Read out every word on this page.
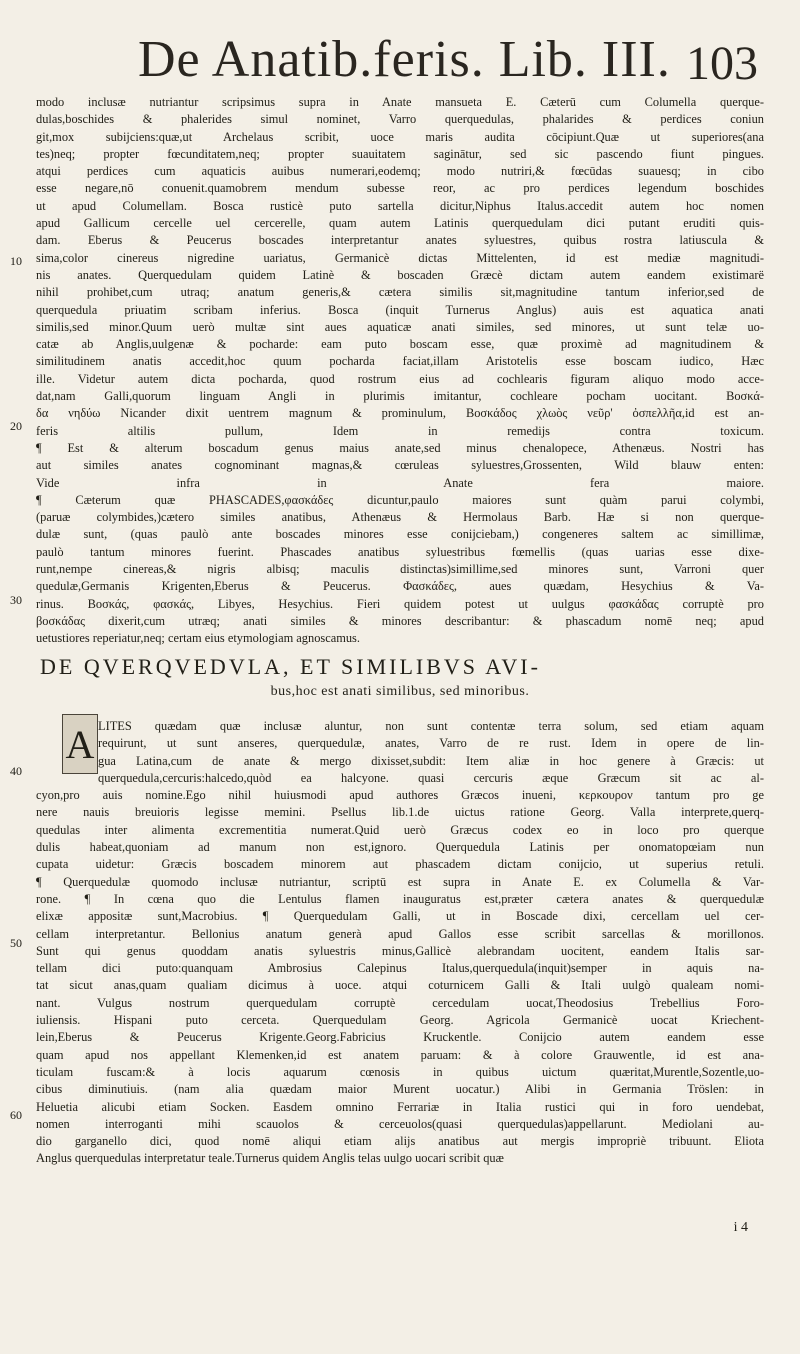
De Anatib.feris. Lib. III. 103
10
20
30
40
50
60
modo inclusæ nutriantur scripsimus supra in Anate mansueta E. Cæterū cum Columella querque-
dulas,boschides & phalerides simul nominet, Varro querquedulas, phalarides & perdices coniun
git,mox subijciens:quæ,ut Archelaus scribit, uoce maris audita cōcipiunt.Quæ ut superiores(ana
tes)neq; propter fœcunditatem,neq; propter suauitatem saginātur, sed sic pascendo fiunt pingues.
atqui perdices cum aquaticis auibus numerari,eodemq; modo nutriri,& fœcūdas suauesq; in cibo
esse negare,nō conuenit.quamobrem mendum subesse reor, ac pro perdices legendum boschides
ut apud Columellam. Bosca rusticè puto sartella dicitur,Niphus Italus.accedit autem hoc nomen
apud Gallicum cercelle uel cercerelle, quam autem Latinis querquedulam dici putant eruditi quis-
dam. Eberus & Peucerus boscades interpretantur anates syluestres, quibus rostra latiuscula &
sima,color cinereus nigredine uariatus, Germanicè dictas Mittelenten, id est mediæ magnitudi-
nis anates. Querquedulam quidem Latinè & boscaden Græcè dictam autem eandem existimarë
nihil prohibet,cum utraq; anatum generis,& cætera similis sit,magnitudine tantum inferior,sed de
querquedula priuatim scribam inferius. Bosca (inquit Turnerus Anglus) auis est aquatica anati
similis,sed minor.Quum uerò multæ sint aues aquaticæ anati similes, sed minores, ut sunt telæ uo-
catæ ab Anglis,uulgenæ & pocharde: eam puto boscam esse, quæ proximè ad magnitudinem &
similitudinem anatis accedit,hoc quum pocharda faciat,illam Aristotelis esse boscam iudico, Hæc
ille. Videtur autem dicta pocharda, quod rostrum eius ad cochlearis figuram aliquo modo acce-
dat,nam Galli,quorum linguam Angli in plurimis imitantur, cochleare pocham uocitant. Βοσκά-
δα νηδύω Nicander dixit uentrem magnum & prominulum, Βοσκάδος χλωὸς νεῦρ' ὀσπελλῆα,id est an-
feris altilis pullum, Idem in remedijs contra toxicum.
¶ Est & alterum boscadum genus maius anate,sed minus chenalopece, Athenæus. Nostri has
aut similes anates cognominant magnas,& cœruleas syluestres,Grossenten, Wild blauw enten:
Vide infra in Anate fera maiore.
¶ Cæterum quæ PHASCADES,φασκάδες dicuntur,paulo maiores sunt quàm parui colymbi,
(paruæ colymbides,)cætero similes anatibus, Athenæus & Hermolaus Barb. Hæ si non querque-
dulæ sunt, (quas paulò ante boscades minores esse conijciebam,) congeneres saltem ac simillimæ,
paulò tantum minores fuerint. Phascades anatibus syluestribus fœmellis (quas uarias esse dixe-
runt,nempe cinereas,& nigris albisq; maculis distinctas)simillime,sed minores sunt, Varroni quer
quedulæ,Germanis Krigenten,Eberus & Peucerus. Φασκάδες, aues quædam, Hesychius & Va-
rinus. Βοσκάς, φασκάς, Libyes, Hesychius. Fieri quidem potest ut uulgus φασκάδας corruptè pro
βοσκάδας dixerit,cum utræq; anati similes & minores describantur: & phascadum nomē neq; apud
uetustiores reperiatur,neq; certam eius etymologiam agnoscamus.
DE QVERQVEDVLA, ET SIMILIBVS AVI-
bus,hoc est anati similibus, sed minoribus.
A LITES quædam quæ inclusæ aluntur, non sunt contentæ terra solum, sed etiam aquam
requirunt, ut sunt anseres, querquedulæ, anates, Varro de re rust. Idem in opere de lin-
gua Latina,cum de anate & mergo dixisset,subdit: Item aliæ in hoc genere à Græcis: ut
querquedula,cercuris:halcedo,quòd ea halcyone. quasi cercuris æque Græcum sit ac al-
cyon,pro auis nomine.Ego nihil huiusmodi apud authores Græcos inueni, κερκουρον tantum pro ge
nere nauis breuioris legisse memini. Psellus lib.1.de uictus ratione Georg. Valla interprete,querq-
quedulas inter alimenta excrementitia numerat.Quid uerò Græcus codex eo in loco pro querque
dulis habeat,quoniam ad manum non est,ignoro. Querquedula Latinis per onomatopœiam nun
cupata uidetur: Græcis boscadem minorem aut phascadem dictam conijcio, ut superius retuli.
¶ Querquedulæ quomodo inclusæ nutriantur, scriptū est supra in Anate E. ex Columella & Var-
rone. ¶ In cœna quo die Lentulus flamen inauguratus est,præter cætera anates & querquedulæ
elixæ appositæ sunt,Macrobius. ¶ Querquedulam Galli, ut in Boscade dixi, cercellam uel cer-
cellam interpretantur. Bellonius anatum generà apud Gallos esse scribit sarcellas & morillonos.
Sunt qui genus quoddam anatis syluestris minus,Gallicè alebrandam uocitent, eandem Italis sar-
tellam dici puto:quanquam Ambrosius Calepinus Italus,querquedula(inquit)semper in aquis na-
tat sicut anas,quam qualiam dicimus à uoce. atqui coturnicem Galli & Itali uulgò qualeam nomi-
nant. Vulgus nostrum querquedulam corruptè cercedulam uocat,Theodosius Trebellius Foro-
iuliensis. Hispani puto cerceta. Querquedulam Georg. Agricola Germanicè uocat Kriechent-
lein,Eberus & Peucerus Krigente.Georg.Fabricius Kruckentle. Conijcio autem eandem esse
quam apud nos appellant Klemenken,id est anatem paruam: & à colore Grauwentle, id est ana-
ticulam fuscam:& à locis aquarum cœnosis in quibus uictum quæritat,Murentle,Sozentle,uo-
cibus diminutiuis. (nam alia quædam maior Murent uocatur.) Alibi in Germania Tröslen: in
Heluetia alicubi etiam Socken. Easdem omnino Ferrariæ in Italia rustici qui in foro uendebat,
nomen interroganti mihi scauolos & cerceuolos(quasi querquedulas)appellarunt. Mediolani au-
dio garganello dici, quod nomē aliqui etiam alijs anatibus aut mergis impropriè tribuunt. Eliota
Anglus querquedulas interpretatur teale.Turnerus quidem Anglis telas uulgo uocari scribit quæ
i 4
